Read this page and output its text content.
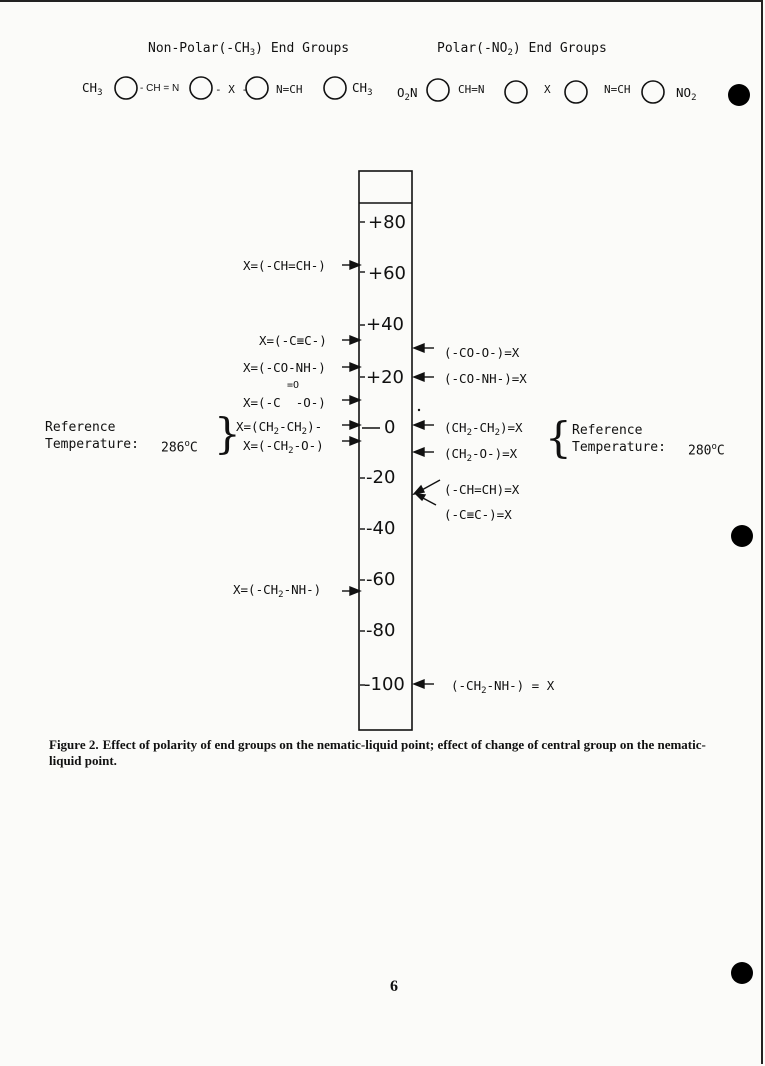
Non-$Polar(-CH_3)$ End Groups	$Polar(-NO_2)$ End Groups
$CH_3$	- CH = N	- X -	N=CH	$CH_3$ $O_2N$	CH=N	X	N=CH	$NO_2$
+80
+60
+40
+20
0
-20
-40
-60
-80
-100
X=(-CH=CH-)
X=(-C≡C-)
X=(-CO-NH-)
=O
X=(-C -O-)
$X=(CH_2-CH_2)-$
$X=(-CH_2-O-)$
$X=(-CH_2-NH-)$
(-CO-O-)=X
(-CO-NH-)=X
$(CH_2-CH_2)=X$
$(CH_2-O-)=X$
(-CH=CH)=X
(-C≡C-)=X
$(-CH_2-NH-) = X$
Reference
Temperature: 286$^o$C }	{ Reference
Temperature: 280$^o$C
Figure 2. Effect of polarity of end groups on the nematic-liquid point; effect of change of central group on the nematic-liquid point.
6
